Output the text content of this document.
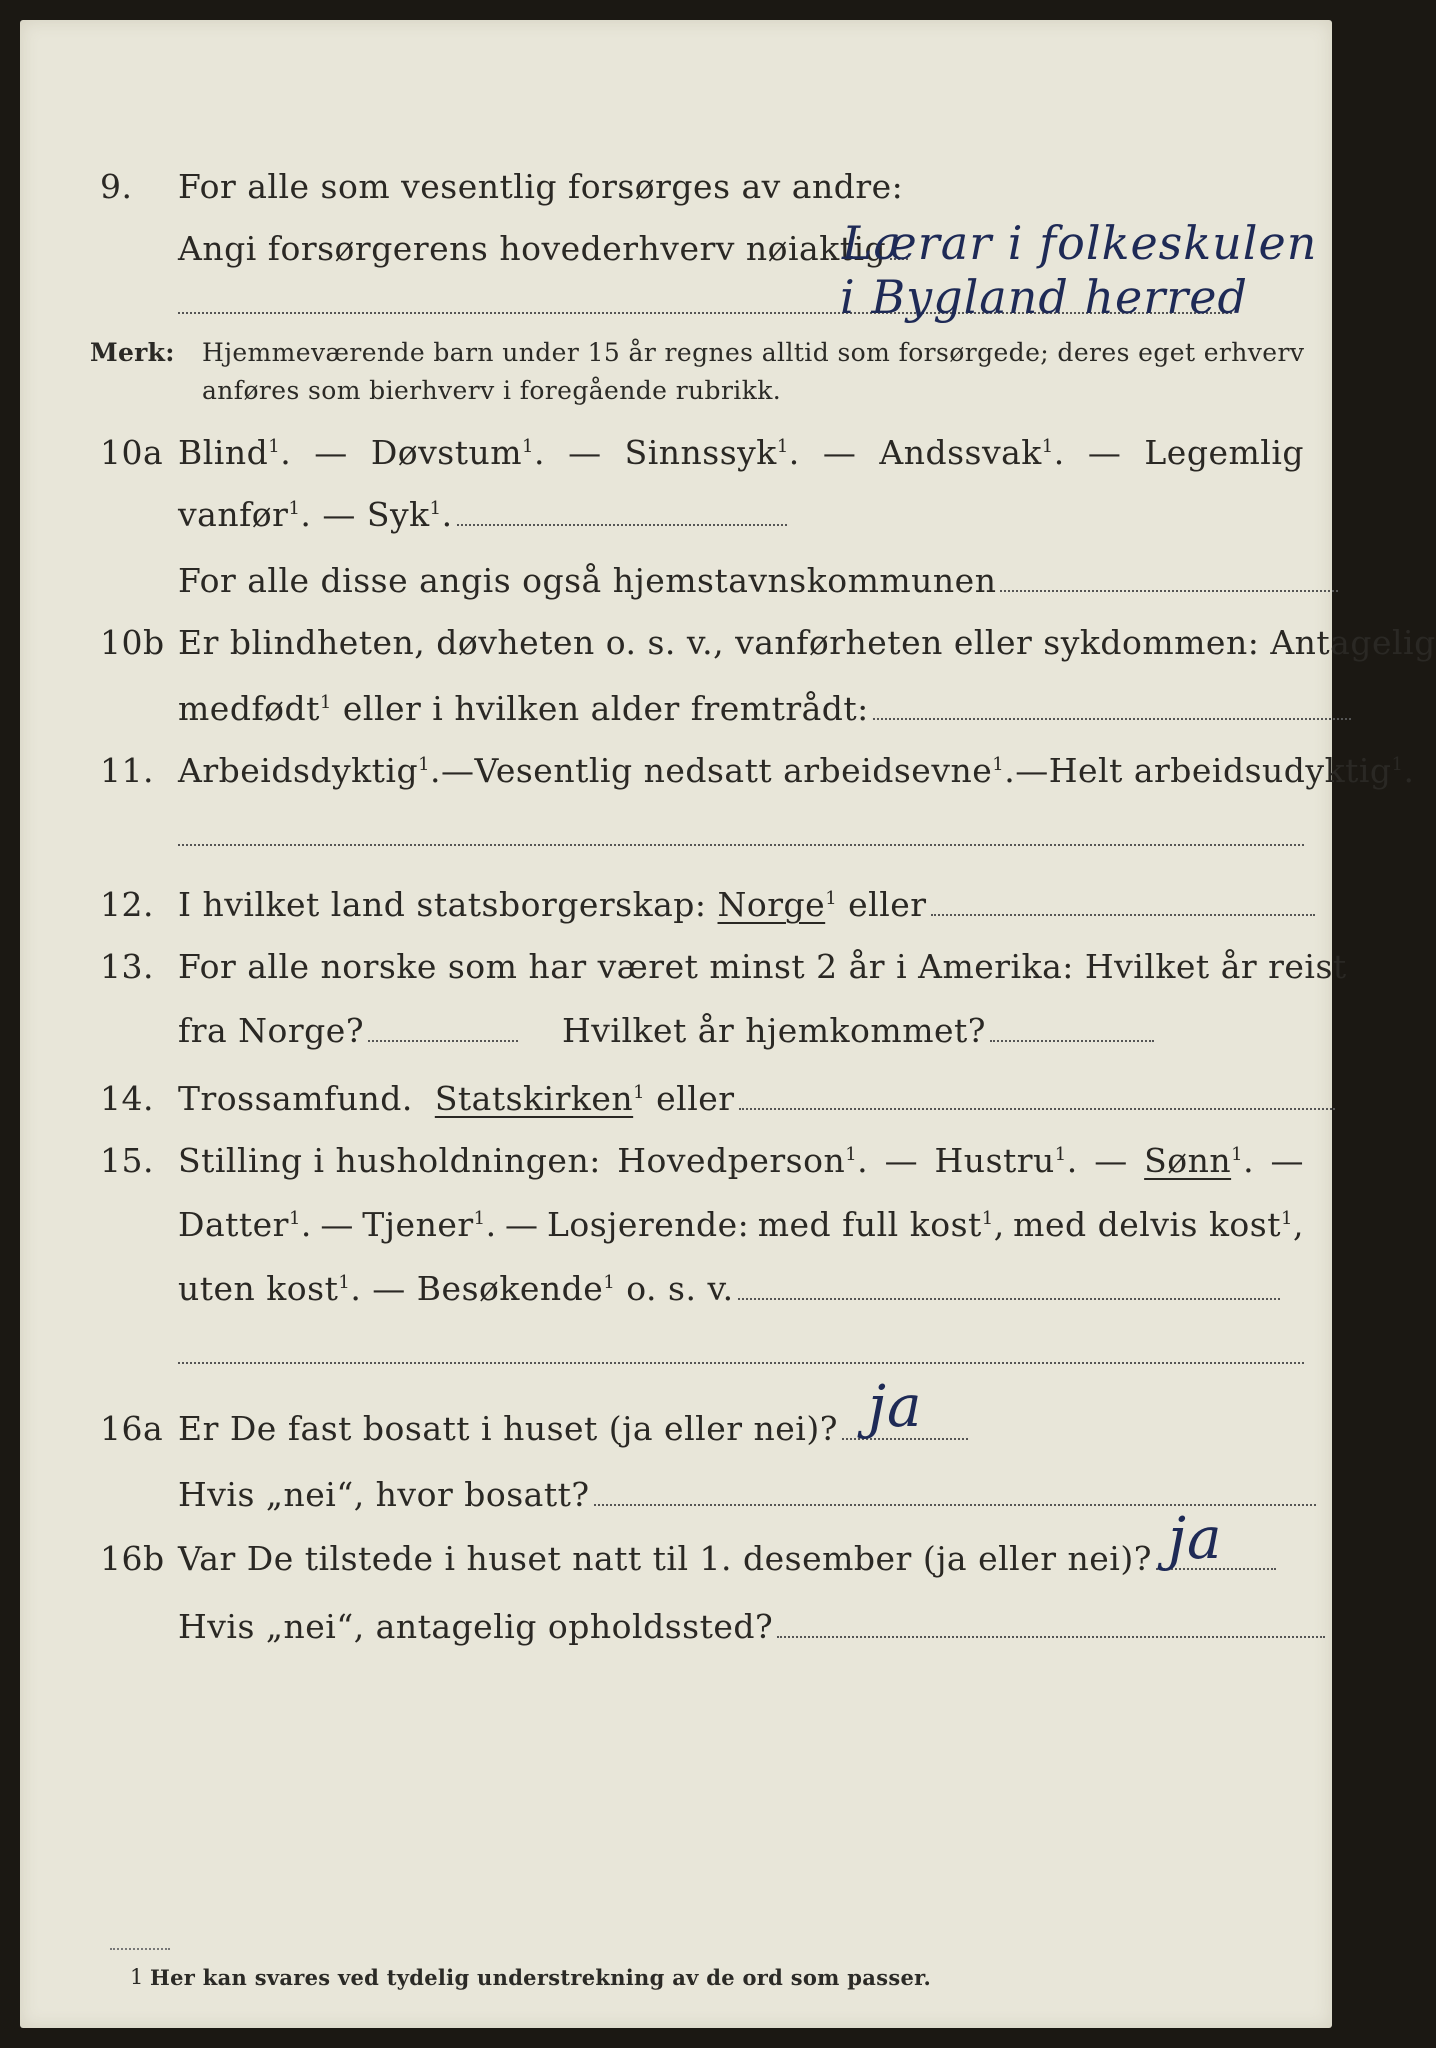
9. For alle som vesentlig forsørges av andre:
Angi forsørgerens hovederhverv nøiaktig
Lærar i folkeskulen
i Bygland herred
Merk: Hjemmeværende barn under 15 år regnes alltid som forsørgede; deres eget erhverv
anføres som bierhverv i foregående rubrikk.
10a Blind$^1$. — Døvstum$^1$. — Sinnssyk$^1$. — Andssvak$^1$. — Legemlig
vanfør$^1$. — Syk$^1$.
For alle disse angis også hjemstavnskommunen
10b Er blindheten, døvheten o. s. v., vanførheten eller sykdommen: Antagelig
medfødt$^1$ eller i hvilken alder fremtrådt:
11. Arbeidsdyktig$^1$. — Vesentlig nedsatt arbeidsevne$^1$. — Helt arbeidsudyktig$^1$.
12. I hvilket land statsborgerskap: Norge$^1$ eller
13. For alle norske som har været minst 2 år i Amerika: Hvilket år reist
fra Norge?	Hvilket år hjemkommet?
14. Trossamfund. Statskirken$^1$ eller
15. Stilling i husholdningen: Hovedperson$^1$. — Hustru$^1$. — Sønn$^1$. —
Datter$^1$. — Tjener$^1$. — Losjerende: med full kost$^1$, med delvis kost$^1$,
uten kost$^1$. — Besøkende$^1$ o. s. v.
16a Er De fast bosatt i huset (ja eller nei)? ja
Hvis „nei“, hvor bosatt?
16b Var De tilstede i huset natt til 1. desember (ja eller nei)? ja
Hvis „nei“, antagelig opholdssted?
1 Her kan svares ved tydelig understrekning av de ord som passer.
